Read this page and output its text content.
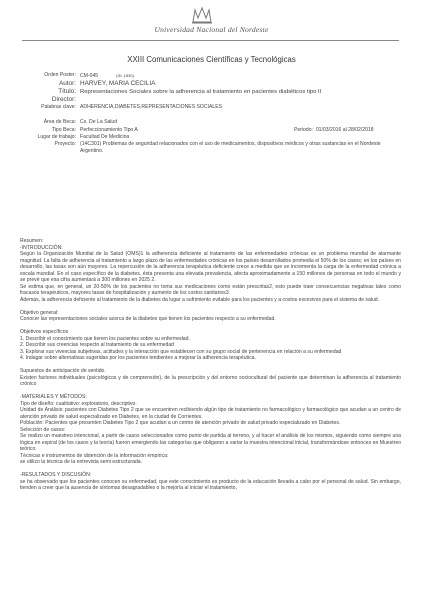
Universidad Nacional del Nordeste
XXIII Comunicaciones Científicas y Tecnológicas
Orden Poster: CM-045	(ID: 1830)
Autor: HARVEY, MARIA CECILIA
Título: Representaciones Sociales sobre la adherencia al tratamiento en pacientes diabéticos tipo II
Director:
Palabras clave: ADHERENCIA,DIABETES,REPRESENTACIONES SOCIALES
Área de Beca: Cs. De La Salud
Tipo Beca: Perfeccionamiento Tipo A	Periodo: 01/03/2016 al 28/02/2018
Lugar de trabajo: Facultad De Medicina
Proyecto: (14C301) Problemas de seguridad relacionados con el uso de medicamentos, dispositivos médicos y otras sustancias en el Nordeste Argentino.

Resumen:

-INTRODUCCIÓN:

Según la Organización Mundial de la Salud (OMS)1 la adherencia deficiente al tratamiento de las enfermedades crónicas es un problema mundial de alarmante magnitud. La falta de adherencia al tratamiento a largo plazo de las enfermedades crónicas en los países desarrollados promedia el 50% de los casos; en los países en desarrollo, las tasas son aún mayores. La repercusión de la adherencia terapéutica deficiente crece a medida que se incrementa la carga de la enfermedad crónica a escala mundial. En el caso específico de la diabetes, ésta presenta una elevada prevalencia, afecta aproximadamente a 150 millones de personas en todo el mundo y se prevé que esa cifra aumentará a 300 millones en 2025 2.

Se estima que, en general, un 20-50% de los pacientes no toma sus medicaciones como están prescritas2, esto puede traer consecuencias negativas tales como fracasos terapéuticos, mayores tasas de hospitalización y aumento de los costos sanitarios3.

Además, la adherencia deficiente al tratamiento de la diabetes da lugar a sufrimiento evitable para los pacientes y a costos excesivos para el sistema de salud.

Objetivo general:

Conocer las representaciones sociales acerca de la diabetes que tienen los pacientes respecto a su enfermedad.

Objetivos específicos

1. Describir el conocimiento que tienen los pacientes sobre su enfermedad.

2. Describir sus creencias respecto al tratamiento de su enfermedad

3. Explorar sus vivencias subjetivas, actitudes y la interacción que establecen con su grupo social de pertenencia en relación a su enfermedad

4. Indagar sobre alternativas sugeridas por los pacientes tendientes a mejorar la adherencia terapéutica.

Supuestos de anticipación de sentido.

Existen factores individuales (psicológicos y de comprensión), de la prescripción y del entorno sociocultural del paciente que determinan la adherencia al tratamiento crónico

-MATERIALES Y MÉTODOS:

Tipo de diseño: cualitativo: exploratorio, descriptivo.

Unidad de Análisis: pacientes con Diabetes Tipo 2 que se encuentren recibiendo algún tipo de tratamiento no farmacológico y farmacológico que acudan a un centro de atención privado de salud especializado en Diabetes, en la ciudad de Corrientes.

Población: Pacientes que presenten Diabetes Tipo 2 que acudan a un centro de atención privado de salud privado especializado en Diabetes.

Selección de casos:

Se realizo un muestreo intencional, a partir de casos seleccionados como punto de partida al terreno, y al hacer el análisis de los mismos, siguiendo como siempre una lógica en espiral (de los casos y la teoría) fueron emergiendo las categorías que obligaron a variar la muestra intencional inicial, transformándose entonces en Muestreo teórico.

Técnicas e instrumentos de obtención de la información empírica:

se utilizo la técnica de la entrevista semi estructurada.

-RESULTADOS Y DISCUSIÓN:

se ha observado que los pacientes conocen su enfermedad, que este conocimiento es producto de la educación llevada a cabo por el personal de salud. Sin embargo, tienden a creer que la ausencia de síntomas desagradables o la mejoría al iniciar el tratamiento,
